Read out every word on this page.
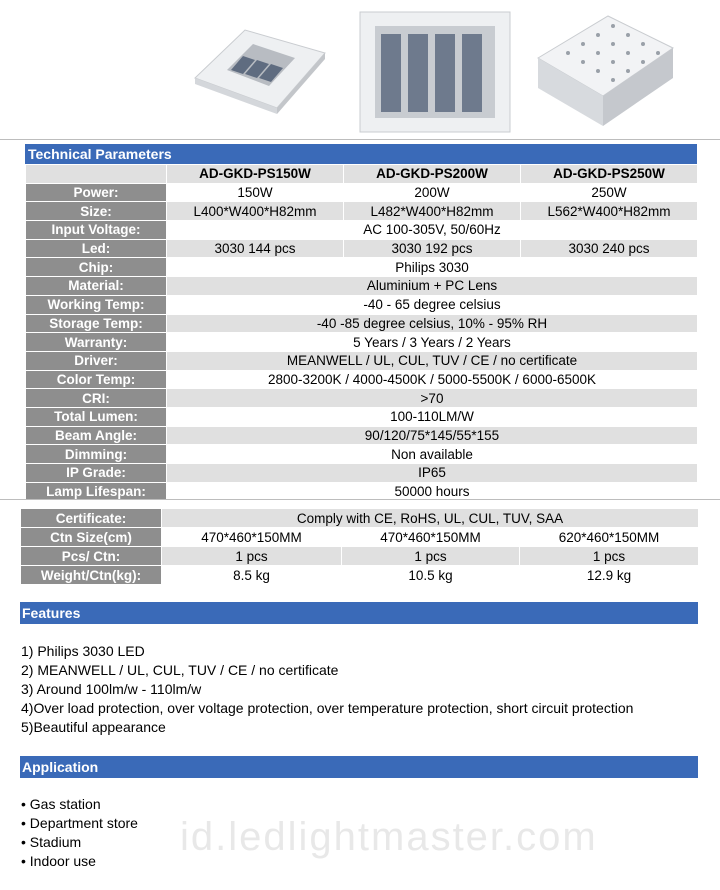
Technical Parameters
	AD-GKD-PS150W	AD-GKD-PS200W	AD-GKD-PS250W
Power:	150W	200W	250W
Size:	L400*W400*H82mm	L482*W400*H82mm	L562*W400*H82mm
Input Voltage:	AC 100-305V, 50/60Hz		
Led:	3030 144 pcs	3030 192 pcs	3030 240 pcs
Chip:	Philips 3030		
Material:	Aluminium + PC Lens		
Working Temp:	-40 - 65 degree celsius		
Storage Temp:	-40 -85 degree celsius, 10% - 95% RH		
Warranty:	5 Years / 3 Years / 2 Years		
Driver:	MEANWELL / UL, CUL, TUV / CE / no certificate		
Color Temp:	2800-3200K / 4000-4500K / 5000-5500K / 6000-6500K		
CRI:	>70		
Total Lumen:	100-110LM/W		
Beam Angle:	90/120/75*145/55*155		
Dimming:	Non available		
IP Grade:	IP65		
Lamp Lifespan:	50000 hours		
Certificate:	Comply with CE, RoHS, UL, CUL, TUV, SAA		
Ctn Size(cm)	470*460*150MM	470*460*150MM	620*460*150MM
Pcs/ Ctn:	1 pcs	1 pcs	1 pcs
Weight/Ctn(kg):	8.5 kg	10.5 kg	12.9 kg
Features
1) Philips 3030 LED
2) MEANWELL / UL, CUL, TUV / CE / no certificate
3) Around 100lm/w - 110lm/w
4)Over load protection, over voltage protection, over temperature protection, short circuit protection
5)Beautiful appearance
Application
• Gas station
• Department store
• Stadium
• Indoor use
id.ledlightmaster.com
